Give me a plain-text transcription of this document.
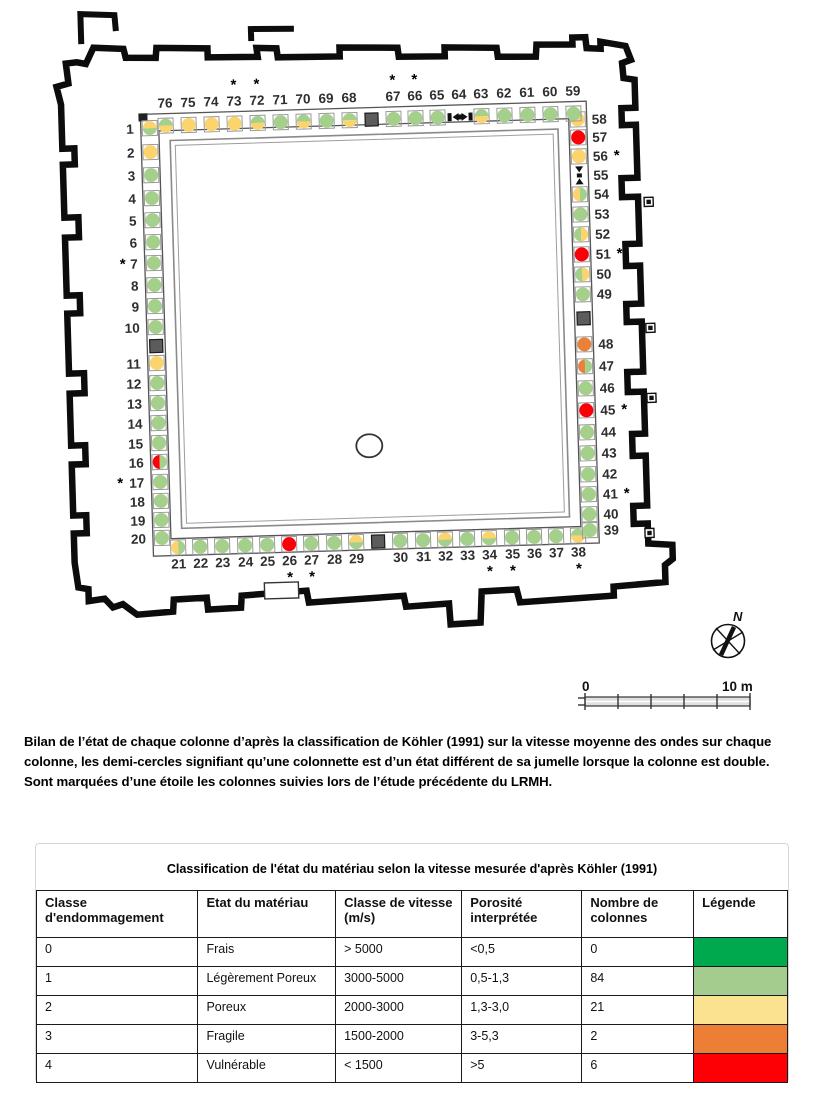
1
2
3
4
5
6
7
*
8
9
10
11
12
13
14
15
16
17
*
18
19
20
21 22 23 24 25 26
*
27
*
28 29 30 31 32 33 34
*
35
*
36 37 38
*
39
40
41 *
42
43
44
45 *
46
47
48
49
50
51 *
52
53
54
55
56 *
57
58
59
60
61
62
63
64
65
66
*
67
*
68
69
70
71
72
*
73
*
74
75
76
N
0	10 m

Bilan de l’état de chaque colonne d’après la classification de Köhler (1991) sur la vitesse moyenne des ondes sur chaque colonne, les demi-cercles signifiant qu’une colonnette est d’un état différent de sa jumelle lorsque la colonne est double. Sont marquées d’une étoile les colonnes suivies lors de l’étude précédente du LRMH.

Classification de l'état du matériau selon la vitesse mesurée d'après Köhler (1991)
Classe d'endommagement	Etat du matériau	Classe de vitesse (m/s)	Porosité interprétée	Nombre de colonnes	Légende
0	Frais	> 5000	<0,5	0	
1	Légèrement Poreux	3000-5000	0,5-1,3	84	
2	Poreux	2000-3000	1,3-3,0	21	
3	Fragile	1500-2000	3-5,3	2	
4	Vulnérable	< 1500	>5	6	
